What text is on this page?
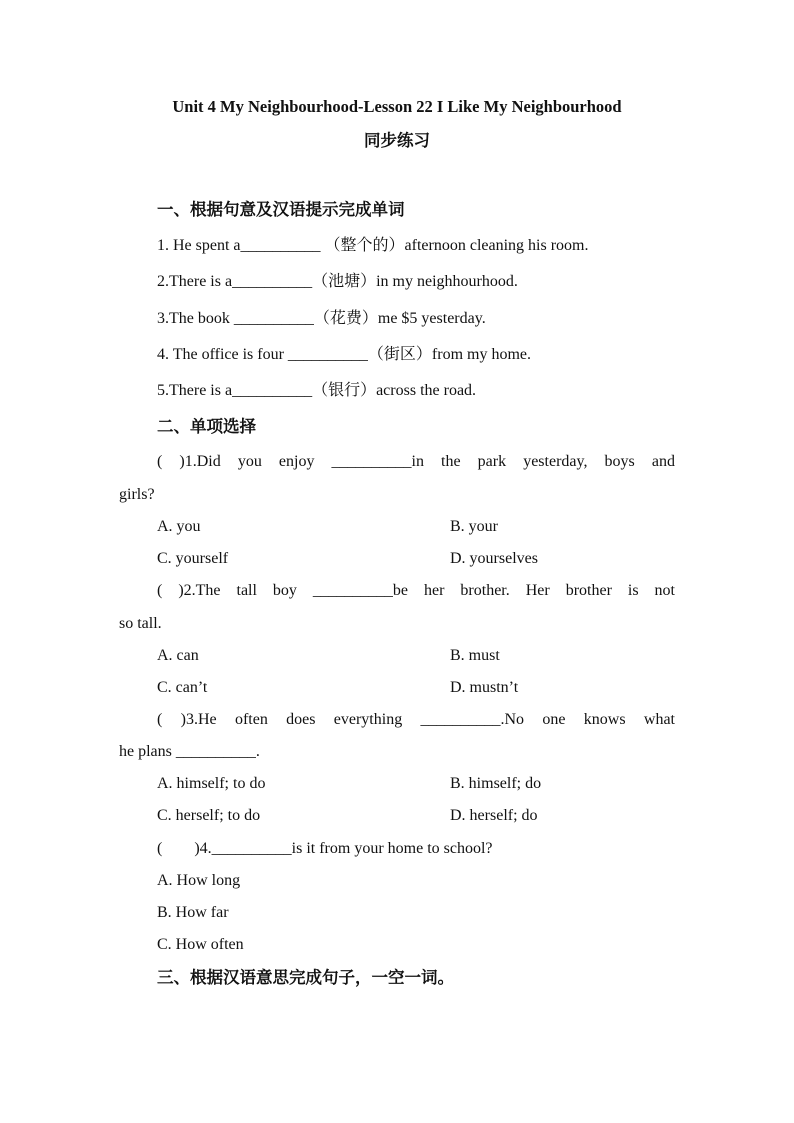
Unit 4 My Neighbourhood-Lesson 22 I Like My Neighbourhood
同步练习
一、根据句意及汉语提示完成单词
1. He spent a__________ （整个的）afternoon cleaning his room.
2.There is a__________（池塘）in my neighhourhood.
3.The book __________（花费）me $5 yesterday.
4. The office is four __________（街区）from my home.
5.There is a__________（银行）across the road.
二、单项选择
( )1.Did you enjoy __________in the park yesterday, boys and
girls?
A. you	B. your
C. yourself	D. yourselves
( )2.The tall boy __________be her brother. Her brother is not
so tall.
A. can	B. must
C. can’t	D. mustn’t
( )3.He often does everything __________.No one knows what
he plans __________.
A. himself; to do	B. himself; do
C. herself; to do	D. herself; do
(        )4.__________is it from your home to school?
A. How long
B. How far
C. How often
三、根据汉语意思完成句子，一空一词。
